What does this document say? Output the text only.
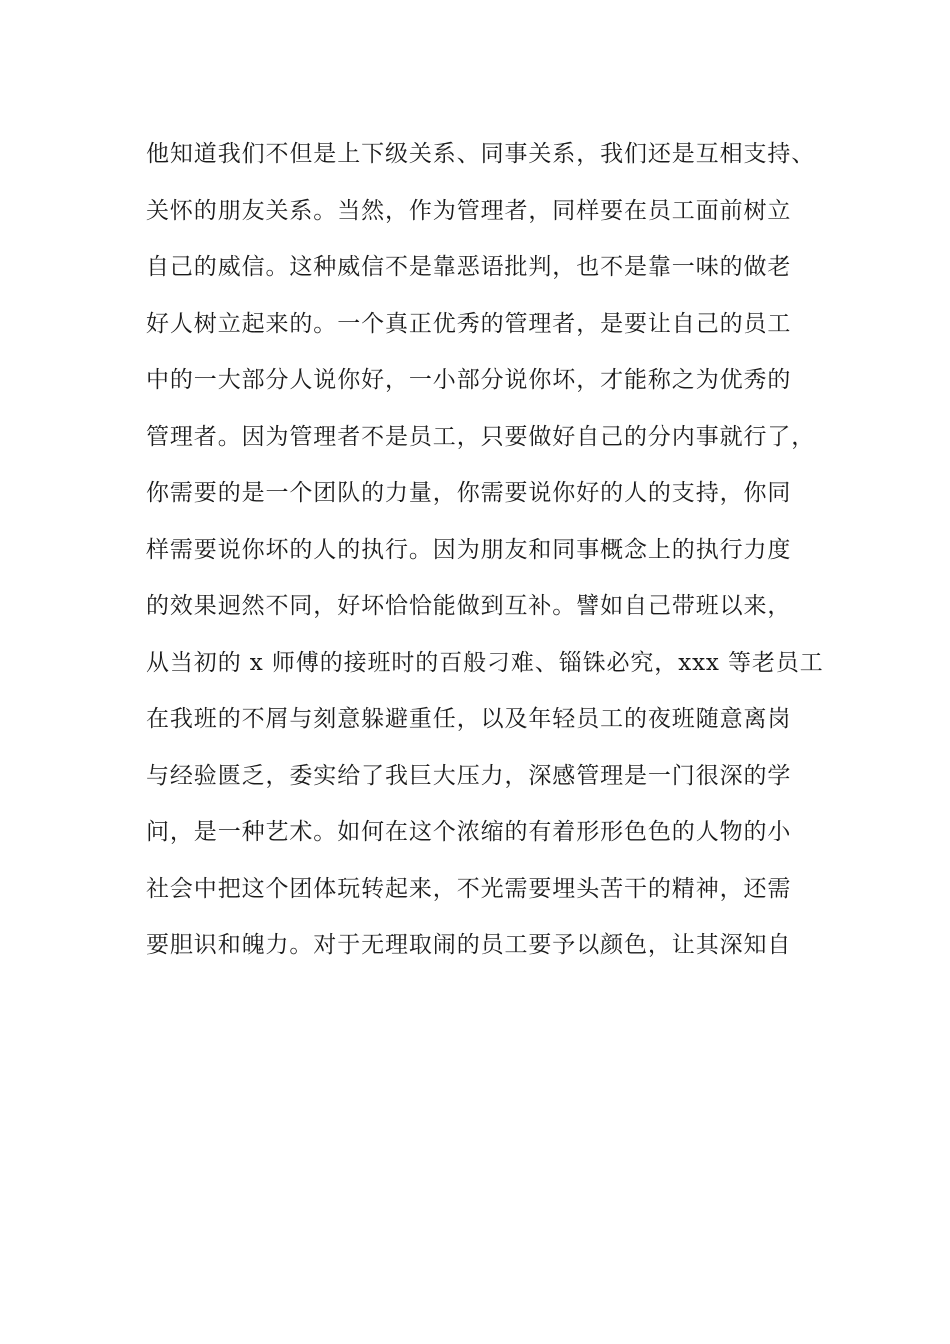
他知道我们不但是上下级关系、同事关系，我们还是互相支持、

关怀的朋友关系。当然，作为管理者，同样要在员工面前树立

自己的威信。这种威信不是靠恶语批判，也不是靠一味的做老

好人树立起来的。一个真正优秀的管理者，是要让自己的员工

中的一大部分人说你好，一小部分说你坏，才能称之为优秀的

管理者。因为管理者不是员工，只要做好自己的分内事就行了，

你需要的是一个团队的力量，你需要说你好的人的支持，你同

样需要说你坏的人的执行。因为朋友和同事概念上的执行力度

的效果迥然不同，好坏恰恰能做到互补。譬如自己带班以来，

从当初的 x 师傅的接班时的百般刁难、锱铢必究，xxx 等老员工

在我班的不屑与刻意躲避重任，以及年轻员工的夜班随意离岗

与经验匮乏，委实给了我巨大压力，深感管理是一门很深的学

问，是一种艺术。如何在这个浓缩的有着形形色色的人物的小

社会中把这个团体玩转起来，不光需要埋头苦干的精神，还需

要胆识和魄力。对于无理取闹的员工要予以颜色，让其深知自
